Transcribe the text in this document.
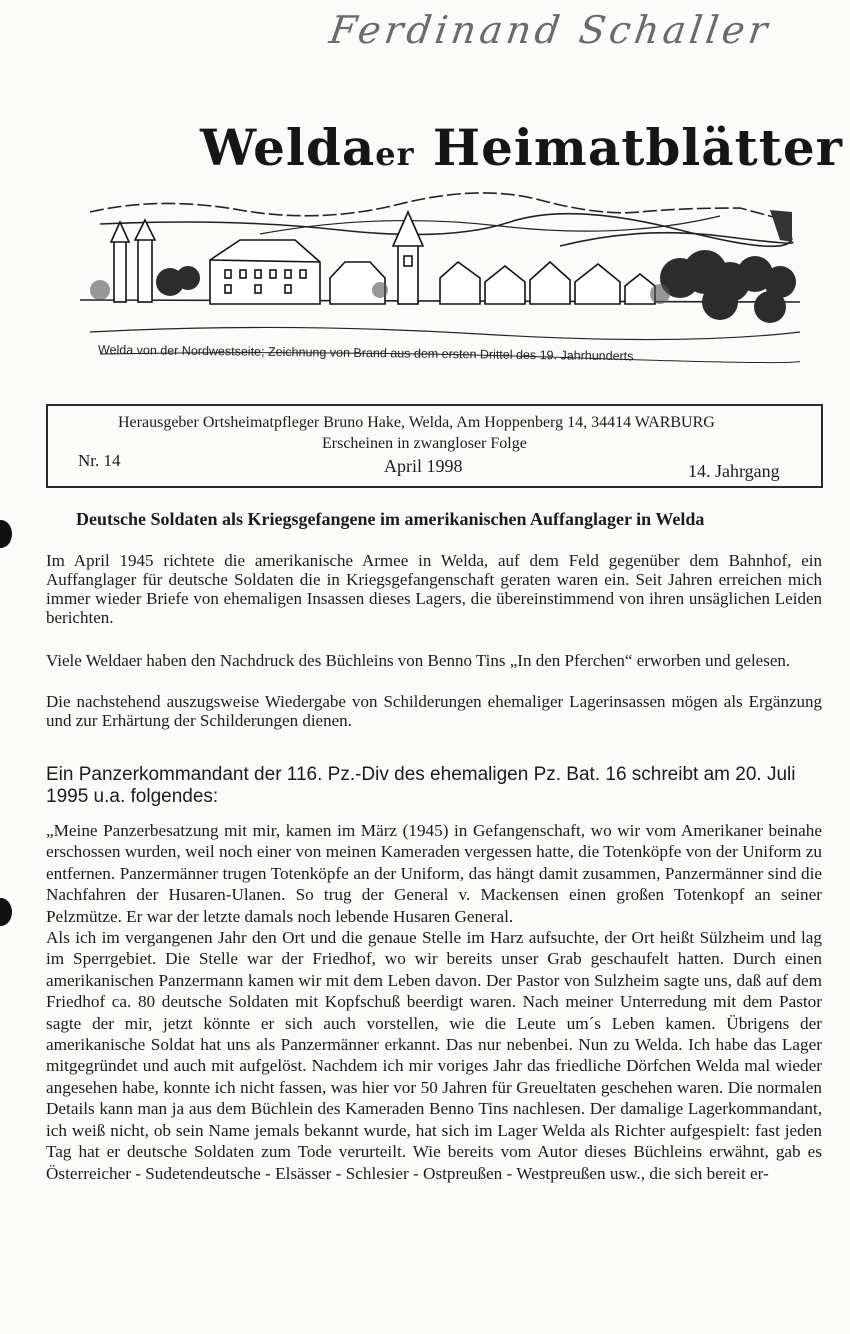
Ferdinand Schaller
Weldaer Heimatblätter
Welda von der Nordwestseite; Zeichnung von Brand aus dem ersten Drittel des 19. Jahrhunderts
Herausgeber Ortsheimatpfleger Bruno Hake, Welda, Am Hoppenberg 14, 34414 WARBURG
Erscheinen in zwangloser Folge
Nr. 14	April 1998	14. Jahrgang
Deutsche Soldaten als Kriegsgefangene im amerikanischen Auffanglager in Welda
Im April 1945 richtete die amerikanische Armee in Welda, auf dem Feld gegenüber dem Bahnhof, ein Auffanglager für deutsche Soldaten die in Kriegsgefangenschaft geraten waren ein. Seit Jahren erreichen mich immer wieder Briefe von ehemaligen Insassen dieses Lagers, die übereinstimmend von ihren unsäglichen Leiden berichten.
Viele Weldaer haben den Nachdruck des Büchleins von Benno Tins „In den Pferchen“ erworben und gelesen.
Die nachstehend auszugsweise Wiedergabe von Schilderungen ehemaliger Lagerinsassen mögen als Ergänzung und zur Erhärtung der Schilderungen dienen.
Ein Panzerkommandant der 116. Pz.-Div des ehemaligen Pz. Bat. 16 schreibt am 20. Juli 1995 u.a. folgendes:
„Meine Panzerbesatzung mit mir, kamen im März (1945) in Gefangenschaft, wo wir vom Amerikaner beinahe erschossen wurden, weil noch einer von meinen Kameraden vergessen hatte, die Totenköpfe von der Uniform zu entfernen. Panzermänner trugen Totenköpfe an der Uniform, das hängt damit zusammen, Panzermänner sind die Nachfahren der Husaren-Ulanen. So trug der General v. Mackensen einen großen Totenkopf an seiner Pelzmütze. Er war der letzte damals noch lebende Husaren General.
Als ich im vergangenen Jahr den Ort und die genaue Stelle im Harz aufsuchte, der Ort heißt Sülzheim und lag im Sperrgebiet. Die Stelle war der Friedhof, wo wir bereits unser Grab geschaufelt hatten. Durch einen amerikanischen Panzermann kamen wir mit dem Leben davon. Der Pastor von Sulzheim sagte uns, daß auf dem Friedhof ca. 80 deutsche Soldaten mit Kopfschuß beerdigt waren. Nach meiner Unterredung mit dem Pastor sagte der mir, jetzt könnte er sich auch vorstellen, wie die Leute um´s Leben kamen. Übrigens der amerikanische Soldat hat uns als Panzermänner erkannt. Das nur nebenbei. Nun zu Welda. Ich habe das Lager mitgegründet und auch mit aufgelöst. Nachdem ich mir voriges Jahr das friedliche Dörfchen Welda mal wieder angesehen habe, konnte ich nicht fassen, was hier vor 50 Jahren für Greueltaten geschehen waren. Die normalen Details kann man ja aus dem Büchlein des Kameraden Benno Tins nachlesen. Der damalige Lagerkommandant, ich weiß nicht, ob sein Name jemals bekannt wurde, hat sich im Lager Welda als Richter aufgespielt: fast jeden Tag hat er deutsche Soldaten zum Tode verurteilt. Wie bereits vom Autor dieses Büchleins erwähnt, gab es Österreicher - Sudetendeutsche - Elsässer - Schlesier - Ostpreußen - Westpreußen usw., die sich bereit er-
